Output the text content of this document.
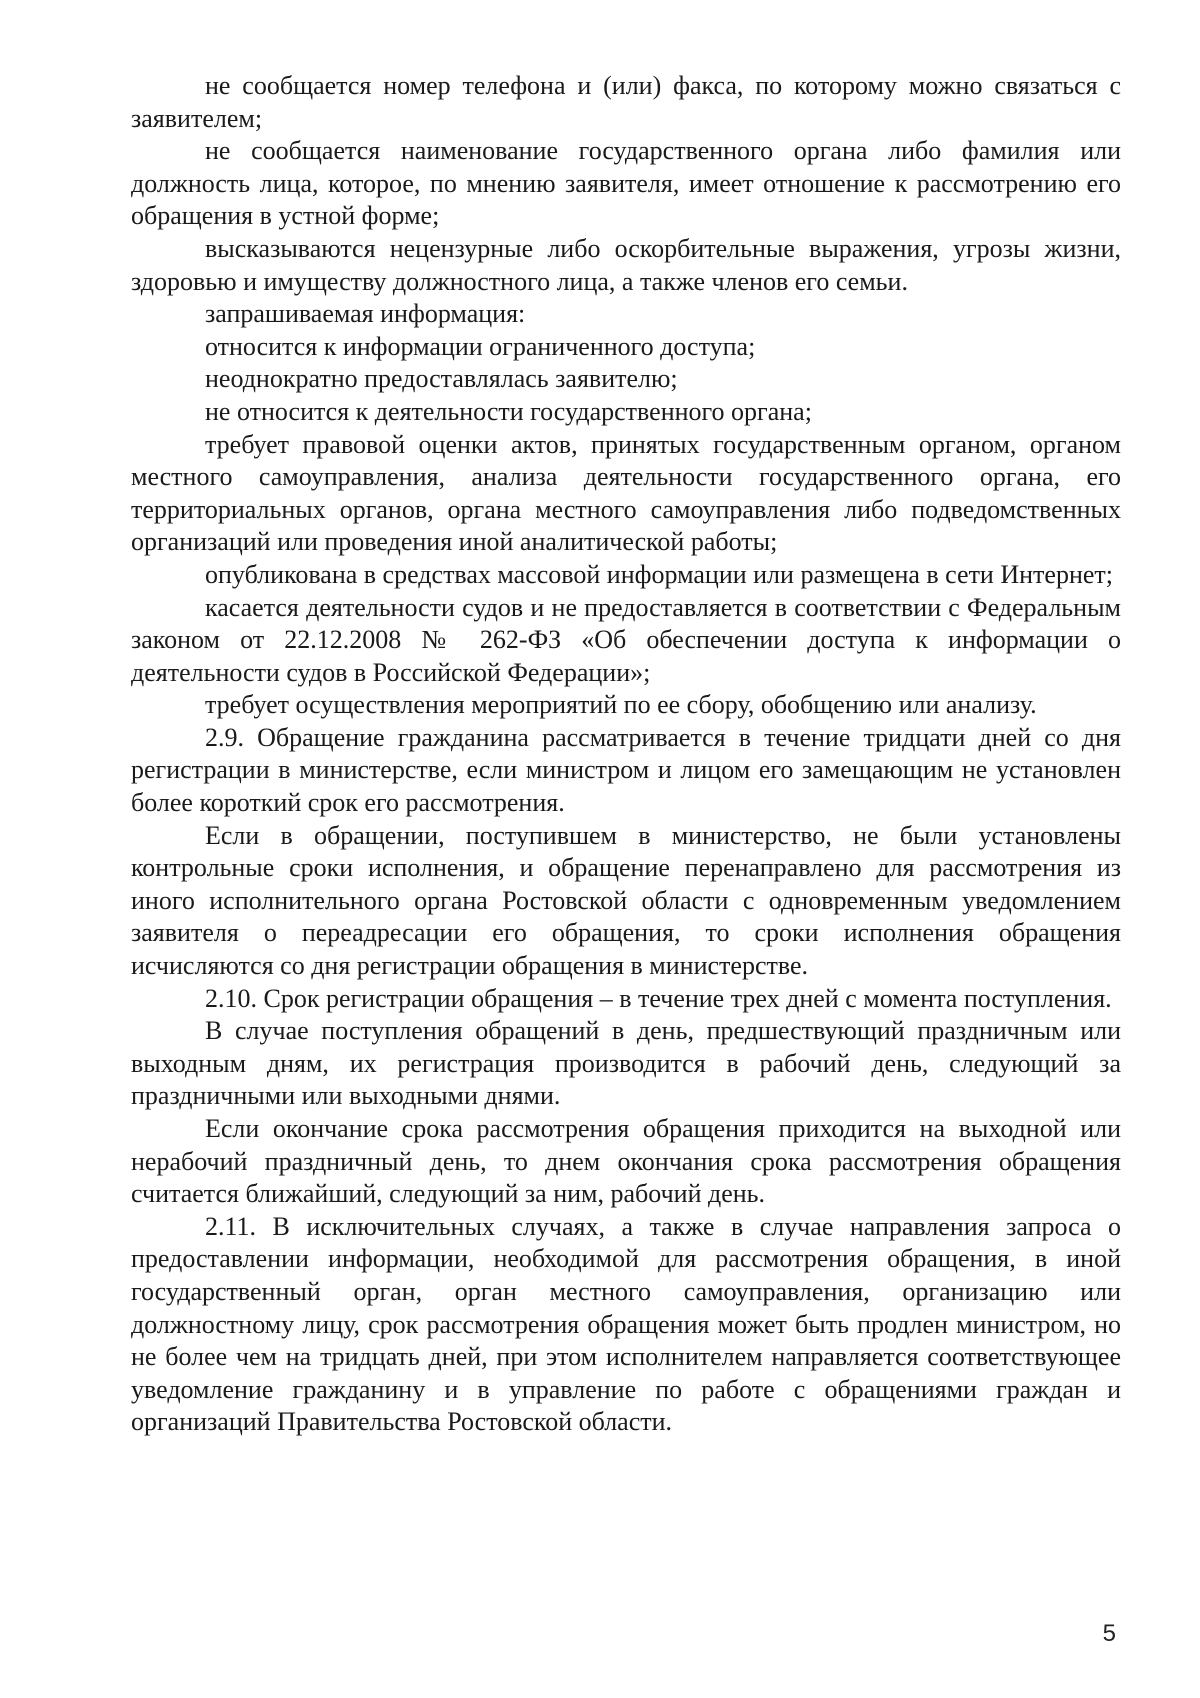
не сообщается номер телефона и (или) факса, по которому можно связаться с заявителем;

не сообщается наименование государственного органа либо фамилия или должность лица, которое, по мнению заявителя, имеет отношение к рассмотрению его обращения в устной форме;

высказываются нецензурные либо оскорбительные выражения, угрозы жизни, здоровью и имуществу должностного лица, а также членов его семьи.

запрашиваемая информация:

относится к информации ограниченного доступа;

неоднократно предоставлялась заявителю;

не относится к деятельности государственного органа;

требует правовой оценки актов, принятых государственным органом, органом местного самоуправления, анализа деятельности государственного органа, его территориальных органов, органа местного самоуправления либо подведомственных организаций или проведения иной аналитической работы;

опубликована в средствах массовой информации или размещена в сети Интернет;

касается деятельности судов и не предоставляется в соответствии с Федеральным законом от 22.12.2008 № 262-ФЗ «Об обеспечении доступа к информации о деятельности судов в Российской Федерации»;

требует осуществления мероприятий по ее сбору, обобщению или анализу.

2.9. Обращение гражданина рассматривается в течение тридцати дней со дня регистрации в министерстве, если министром и лицом его замещающим не установлен более короткий срок его рассмотрения.

Если в обращении, поступившем в министерство, не были установлены контрольные сроки исполнения, и обращение перенаправлено для рассмотрения из иного исполнительного органа Ростовской области с одновременным уведомлением заявителя о переадресации его обращения, то сроки исполнения обращения исчисляются со дня регистрации обращения в министерстве.

2.10. Срок регистрации обращения – в течение трех дней с момента поступления.

В случае поступления обращений в день, предшествующий праздничным или выходным дням, их регистрация производится в рабочий день, следующий за праздничными или выходными днями.

Если окончание срока рассмотрения обращения приходится на выходной или нерабочий праздничный день, то днем окончания срока рассмотрения обращения считается ближайший, следующий за ним, рабочий день.

2.11. В исключительных случаях, а также в случае направления запроса о предоставлении информации, необходимой для рассмотрения обращения, в иной государственный орган, орган местного самоуправления, организацию или должностному лицу, срок рассмотрения обращения может быть продлен министром, но не более чем на тридцать дней, при этом исполнителем направляется соответствующее уведомление гражданину и в управление по работе с обращениями граждан и организаций Правительства Ростовской области.

5
